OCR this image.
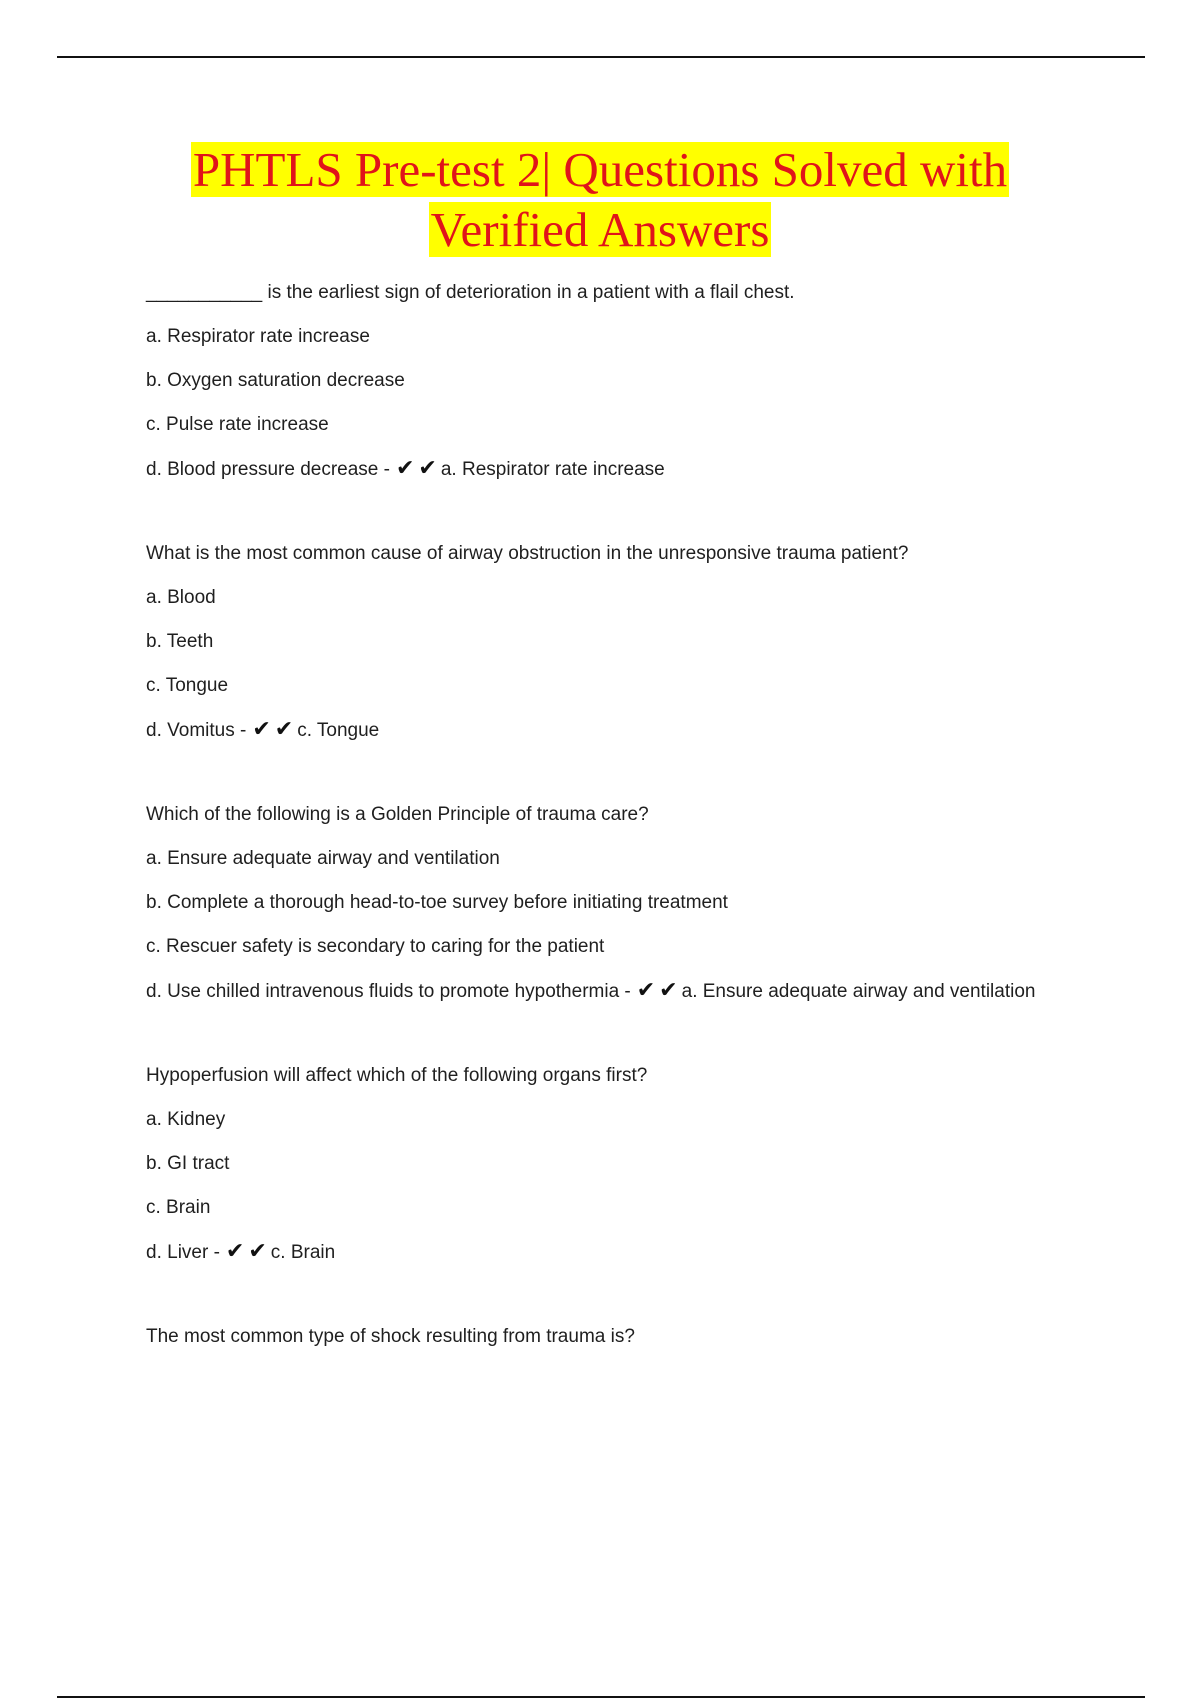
PHTLS Pre-test 2| Questions Solved with
Verified Answers

___________ is the earliest sign of deterioration in a patient with a flail chest.

a. Respirator rate increase

b. Oxygen saturation decrease

c. Pulse rate increase

d. Blood pressure decrease - ✔✔a. Respirator rate increase

What is the most common cause of airway obstruction in the unresponsive trauma patient?

a. Blood

b. Teeth

c. Tongue

d. Vomitus - ✔✔c. Tongue

Which of the following is a Golden Principle of trauma care?

a. Ensure adequate airway and ventilation

b. Complete a thorough head-to-toe survey before initiating treatment

c. Rescuer safety is secondary to caring for the patient

d. Use chilled intravenous fluids to promote hypothermia - ✔✔a. Ensure adequate airway and ventilation

Hypoperfusion will affect which of the following organs first?

a. Kidney

b. GI tract

c. Brain

d. Liver - ✔✔c. Brain

The most common type of shock resulting from trauma is?
